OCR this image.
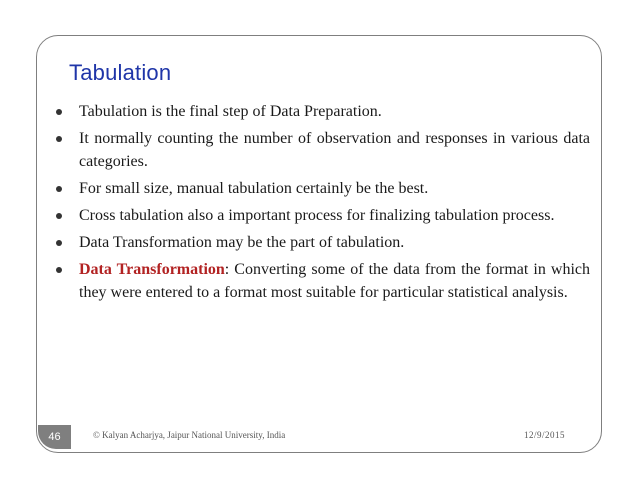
Tabulation
Tabulation is the final step of Data Preparation.
It normally counting the number of observation and responses in various data categories.
For small size, manual tabulation certainly be the best.
Cross tabulation also a important process for finalizing tabulation process.
Data Transformation may be the part of tabulation.
Data Transformation: Converting some of the data from the format in which they were entered to a format most suitable for particular statistical analysis.
46	© Kalyan Acharjya, Jaipur National University, India	12/9/2015
